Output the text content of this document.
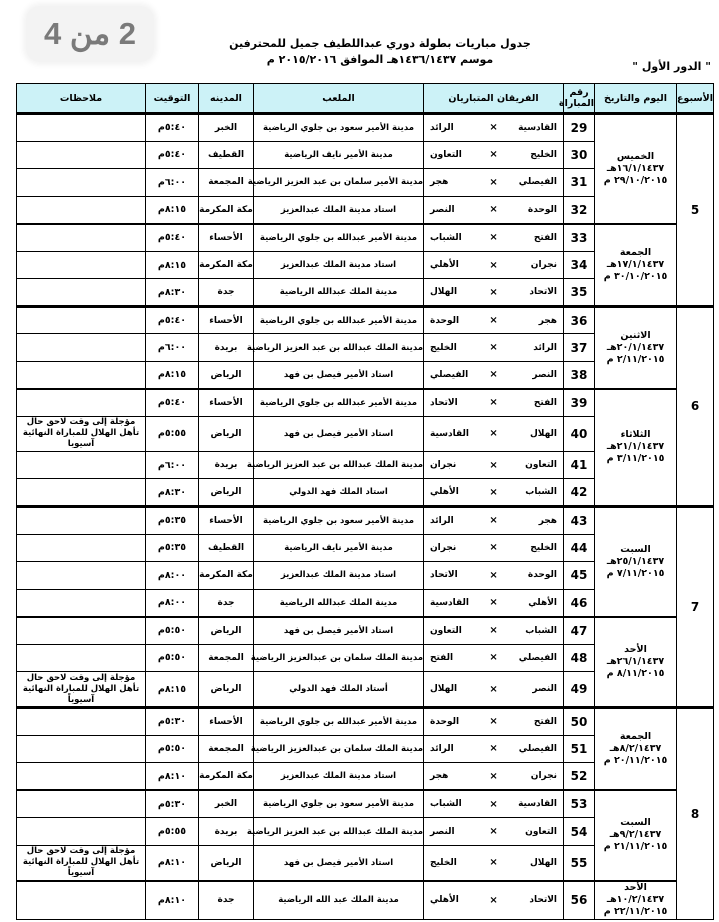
2 من 4	جدول مباريات بطولة دوري عبداللطيف جميل للمحترفين
موسم ١٤٣٦/١٤٣٧هـ الموافق ٢٠١٥/٢٠١٦ م
" الدور الأول "
الأسبوع	اليوم والتاريخ	رقم المباراة	الفريقان المتباريان			الملعب	المدينه	التوقيت	ملاحظات
5	الخميس ١٦/١/١٤٣٧هـ ٢٩/١٠/٢٠١٥ م	29	القادسية	×	الرائد	مدينة الأمير سعود بن جلوي الرياضية	الخبر	٥:٤٠م	
		30	الخليج	×	التعاون	مدينة الأمير نايف الرياضية	القطيف	٥:٤٠م	
		31	الفيصلي	×	هجر	مدينة الأمير سلمان بن عبد العزيز الرياضية	المجمعة	٦:٠٠م	
		32	الوحدة	×	النصر	استاد مدينة الملك عبدالعزيز	مكة المكرمة	٨:١٥م	
	الجمعة ١٧/١/١٤٣٧هـ ٣٠/١٠/٢٠١٥ م	33	الفتح	×	الشباب	مدينة الأمير عبدالله بن جلوي الرياضية	الأحساء	٥:٤٠م	
		34	نجران	×	الأهلي	استاد مدينة الملك عبدالعزيز	مكة المكرمة	٨:١٥م	
		35	الاتحاد	×	الهلال	مدينة الملك عبدالله الرياضية	جدة	٨:٣٠م	
6	الاثنين ٢٠/١/١٤٣٧هـ ٢/١١/٢٠١٥ م	36	هجر	×	الوحدة	مدينة الأمير عبدالله بن جلوي الرياضية	الأحساء	٥:٤٠م	
		37	الرائد	×	الخليج	مدينة الملك عبدالله بن عبد العزيز الرياضية	بريدة	٦:٠٠م	
		38	النصر	×	الفيصلي	استاد الأمير فيصل بن فهد	الرياض	٨:١٥م	
	الثلاثاء ٢١/١/١٤٣٧هـ ٣/١١/٢٠١٥ م	39	الفتح	×	الاتحاد	مدينة الأمير عبدالله بن جلوي الرياضية	الأحساء	٥:٤٠م	
		40	الهلال	×	القادسية	استاد الأمير فيصل بن فهد	الرياض	٥:٥٥م	مؤجلة إلى وقت لاحق حال تأهل الهلال للمباراة النهائية آسيويا
		41	التعاون	×	نجران	مدينة الملك عبدالله بن عبد العزيز الرياضية	بريدة	٦:٠٠م	
		42	الشباب	×	الأهلي	استاد الملك فهد الدولي	الرياض	٨:٣٠م	
7	السبت ٢٥/١/١٤٣٧هـ ٧/١١/٢٠١٥ م	43	هجر	×	الرائد	مدينة الأمير سعود بن جلوي الرياضية	الأحساء	٥:٣٥م	
		44	الخليج	×	نجران	مدينة الأمير نايف الرياضية	القطيف	٥:٣٥م	
		45	الوحدة	×	الاتحاد	استاد مدينة الملك عبدالعزيز	مكة المكرمة	٨:٠٠م	
		46	الأهلي	×	القادسية	مدينة الملك عبدالله الرياضية	جدة	٨:٠٠م	
	الأحد ٢٦/١/١٤٣٧هـ ٨/١١/٢٠١٥ م	47	الشباب	×	التعاون	استاد الأمير فيصل بن فهد	الرياض	٥:٥٠م	
		48	الفيصلي	×	الفتح	مدينة الملك سلمان بن عبدالعزيز الرياضية	المجمعة	٥:٥٠م	
		49	النصر	×	الهلال	أستاد الملك فهد الدولي	الرياض	٨:١٥م	مؤجلة إلى وقت لاحق حال تأهل الهلال للمباراة النهائية آسيوياً
8	الجمعة ٨/٢/١٤٣٧هـ ٢٠/١١/٢٠١٥ م	50	الفتح	×	الوحدة	مدينة الأمير عبدالله بن جلوي الرياضية	الأحساء	٥:٣٠م	
		51	الفيصلي	×	الرائد	مدينة الملك سلمان بن عبدالعزيز الرياضية	المجمعة	٥:٥٠م	
		52	نجران	×	هجر	استاد مدينة الملك عبدالعزيز	مكة المكرمة	٨:١٠م	
	السبت ٩/٢/١٤٣٧هـ ٢١/١١/٢٠١٥ م	53	القادسية	×	الشباب	مدينة الأمير سعود بن جلوي الرياضية	الخبر	٥:٣٠م	
		54	التعاون	×	النصر	مدينة الملك عبدالله بن عبد العزيز الرياضية	بريدة	٥:٥٥م	
		55	الهلال	×	الخليج	استاد الأمير فيصل بن فهد	الرياض	٨:١٠م	مؤجلة إلى وقت لاحق حال تأهل الهلال للمباراة النهائية آسيوياً
	الأحد ١٠/٢/١٤٣٧هـ ٢٢/١١/٢٠١٥ م	56	الاتحاد	×	الأهلي	مدينة الملك عبد الله الرياضية	جدة	٨:١٠م	
